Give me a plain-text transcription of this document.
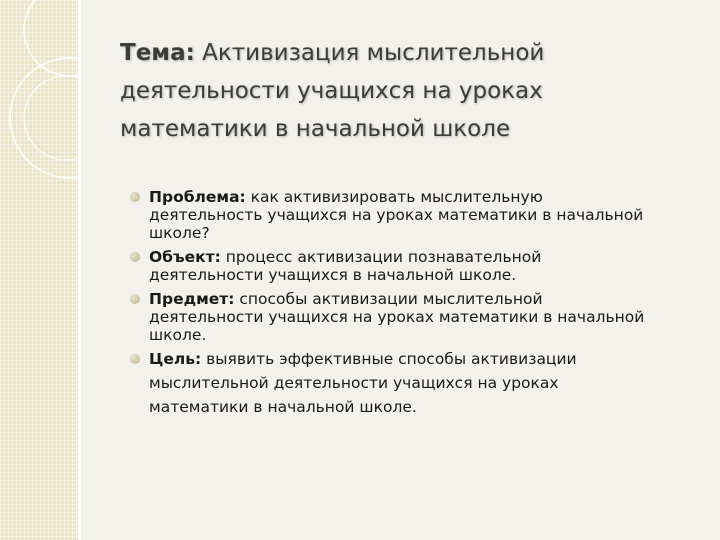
Тема: Активизация мыслительной деятельности учащихся на уроках математики в начальной школе
Проблема: как активизировать мыслительную деятельность учащихся на уроках математики в начальной школе?
Объект: процесс активизации познавательной деятельности учащихся в начальной школе.
Предмет: способы активизации мыслительной деятельности учащихся на уроках математики в начальной школе.
Цель: выявить эффективные способы активизации мыслительной деятельности учащихся на уроках математики в начальной школе.
